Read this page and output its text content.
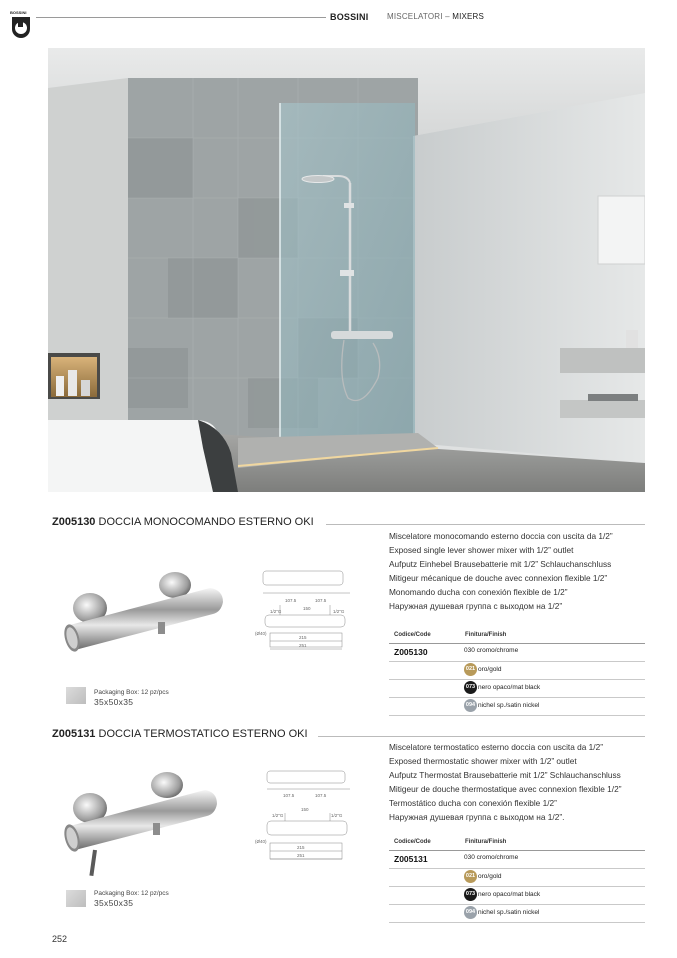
BOSSINI	BOSSINI MISCELATORI – MIXERS
Z005130 DOCCIA MONOCOMANDO ESTERNO OKI
107.5	107.5
150
1/2"G	1/2"G
215
251
(Ø40)
Miscelatore monocomando esterno doccia con uscita da 1/2”
Exposed single lever shower mixer with 1/2” outlet
Aufputz Einhebel Brausebatterie mit 1/2” Schlauchanschluss
Mitigeur mécanique de douche avec connexion flexible 1/2”
Monomando ducha con conexión flexible de 1/2”
Наружная душевая группа с выходом на 1/2”
Codice/Code	Finitura/Finish
Z005130	030
cromo/chrome
021 oro/gold
073 nero opaco/mat black
094 nichel sp./satin nickel
Packaging Box: 12 pz/pcs
35x50x35
Z005131 DOCCIA TERMOSTATICO ESTERNO OKI
107.5	107.5
150
1/2"G	1/2"G
215
251
(Ø40)
Miscelatore termostatico esterno doccia con uscita da 1/2”
Exposed thermostatic shower mixer with 1/2” outlet
Aufputz Thermostat Brausebatterie mit 1/2” Schlauchanschluss
Mitigeur de douche thermostatique avec connexion flexible 1/2”
Termostático ducha con conexión flexible 1/2”
Наружная душевая группа с выходом на 1/2”.
Codice/Code	Finitura/Finish
Z005131	030
cromo/chrome
021 oro/gold
073 nero opaco/mat black
094 nichel sp./satin nickel
Packaging Box: 12 pz/pcs
35x50x35
252
